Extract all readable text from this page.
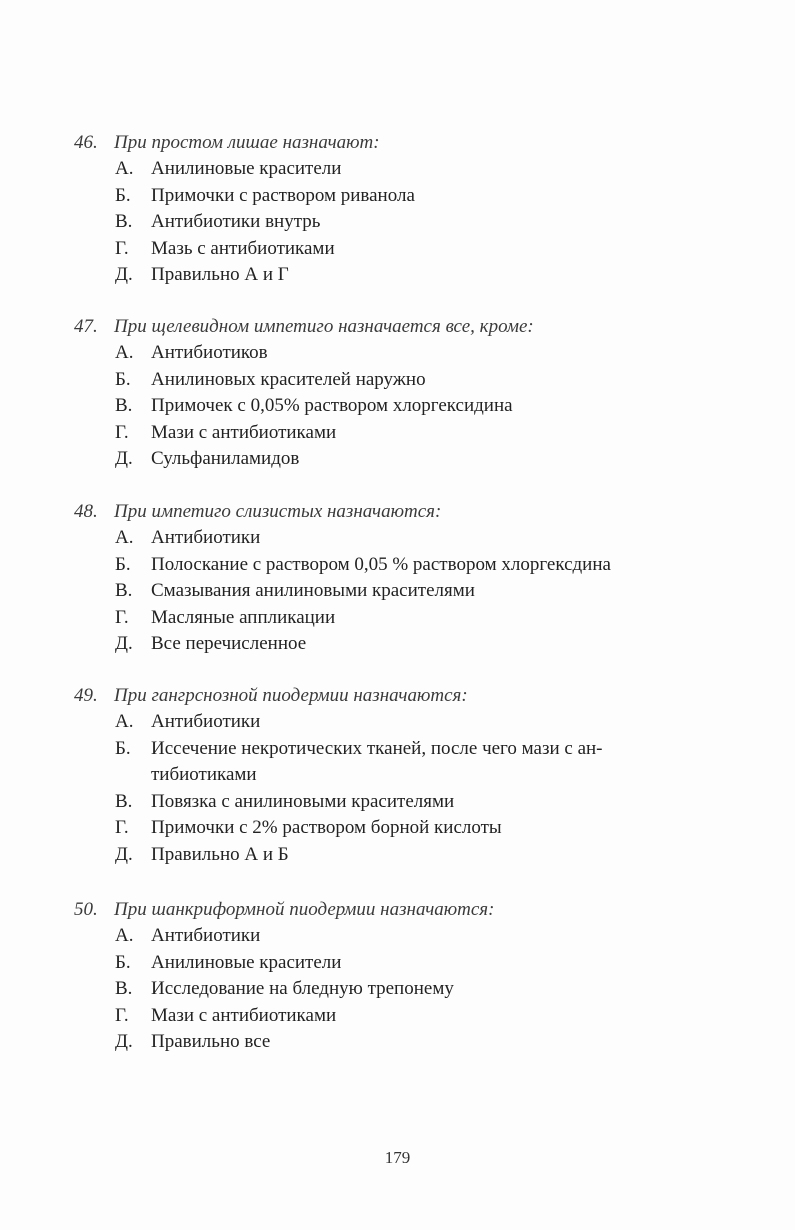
46. При простом лишае назначают:
А. Анилиновые красители
Б.	Примочки с раствором риванола
В. Антибиотики внутрь
Г.	Мазь с антибиотиками
Д. Правильно А и Г
47. При щелевидном импетиго назначается все, кроме:
А. Антибиотиков
Б.	Анилиновых красителей наружно
В. Примочек с 0,05% раствором хлоргексидина
Г.	Мази с антибиотиками
Д. Сульфаниламидов
48. При импетиго слизистых назначаются:
А. Антибиотики
Б.	Полоскание с раствором 0,05 % раствором хлоргексдина
В. Смазывания анилиновыми красителями
Г.	Масляные аппликации
Д. Все перечисленное
49. При гангрснозной пиодермии назначаются:
А. Антибиотики
Б.	Иссечение некротических тканей, после чего мази с ан-тибиотиками
В. Повязка с анилиновыми красителями
Г.	Примочки с 2% раствором борной кислоты
Д. Правильно А и Б
50. При шанкриформной пиодермии назначаются:
А. Антибиотики
Б.	Анилиновые красители
В. Исследование на бледную трепонему
Г.	Мази с антибиотиками
Д. Правильно все
179
